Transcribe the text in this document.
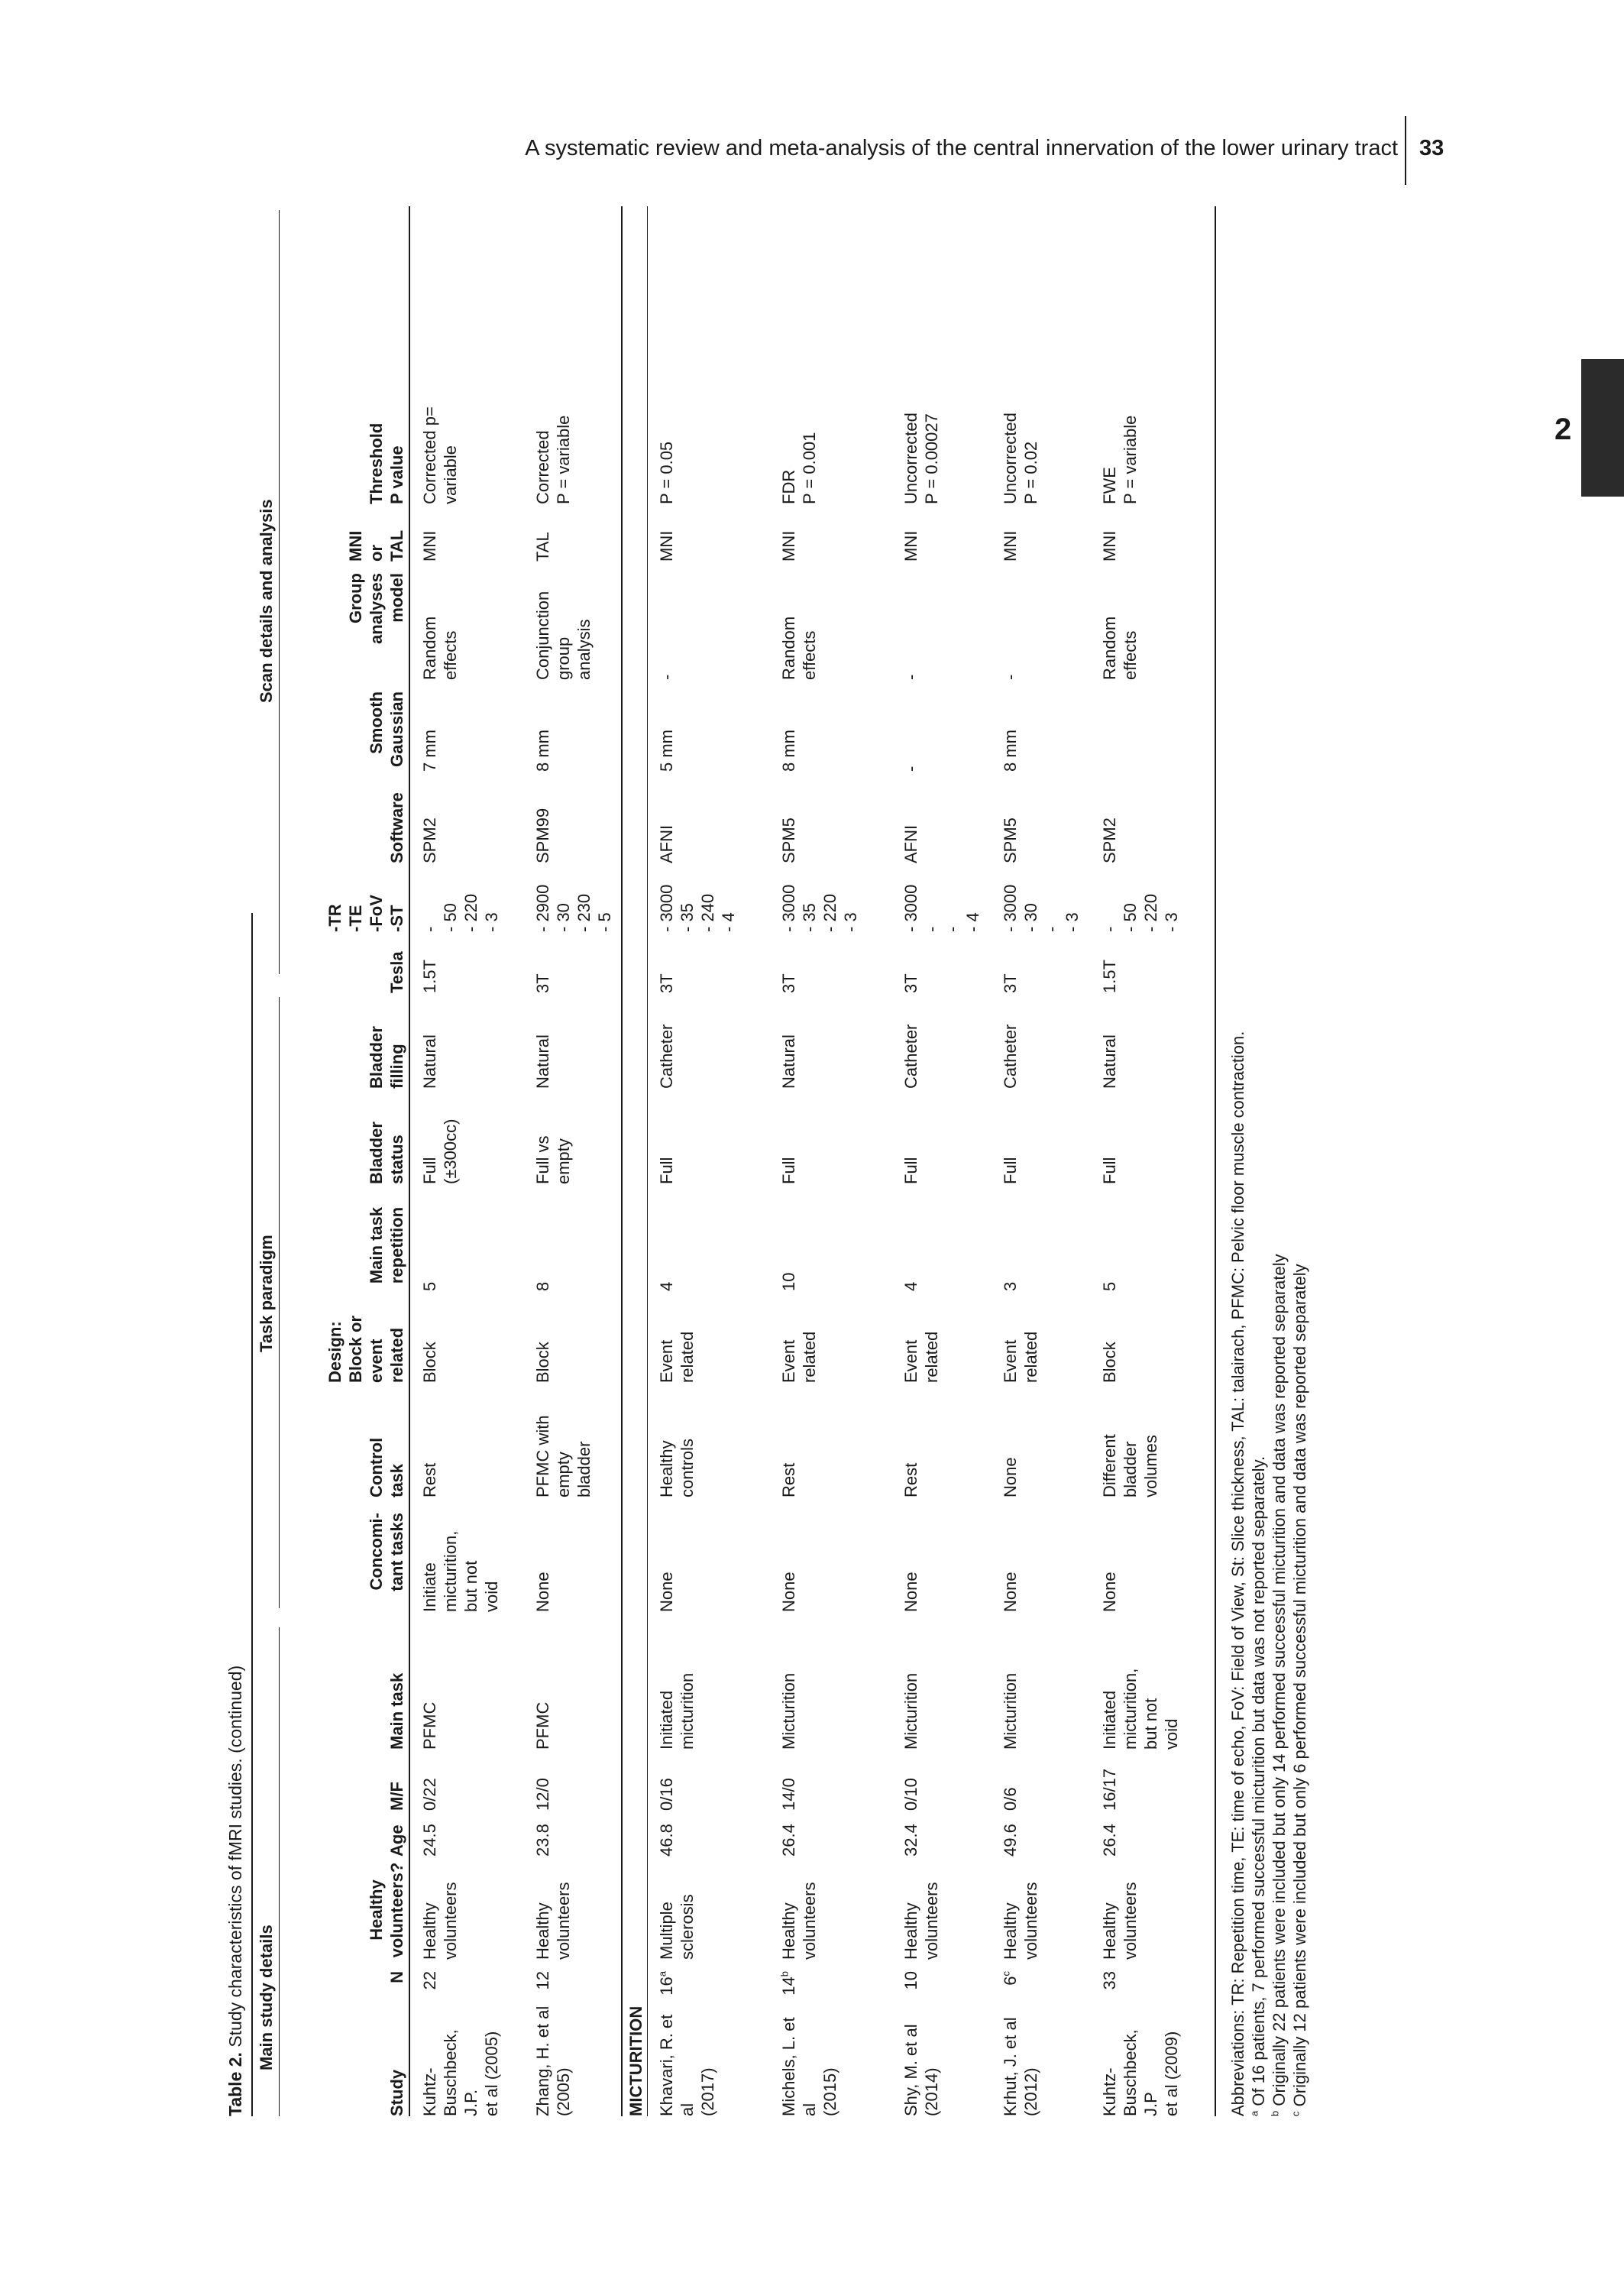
A systematic review and meta-analysis of the central innervation of the lower urinary tract 33
2
Table 2. Study characteristics of fMRI studies. (continued)
Main study details
Task paradigm
Scan details and analysis
Study
N
Healthy
volunteers?
Age
M/F
Main task
Concomi-
tant tasks
Control
task
Design:
Block or
event
related
Main task
repetition
Bladder
status
Bladder
filling
Tesla
-TR
-TE
-FoV
-ST
Software
Smooth
Gaussian
Group
analyses
model
MNI
or
TAL
Threshold
P value
Kuhtz-
Buschbeck, J.P.
et al (2005)
22
Healthy
volunteers
24.5
0/22
PFMC
Initiate
micturition,
but not
void
Rest
Block
5
Full
(±300cc)
Natural
1.5T
-
- 50
- 220
- 3
SPM2
7 mm
Random
effects
MNI
Corrected p=
variable
Zhang, H. et al
(2005)
12
Healthy
volunteers
23.8
12/0
PFMC
None
PFMC with
empty
bladder
Block
8
Full vs
empty
Natural
3T
- 2900
- 30
- 230
- 5
SPM99
8 mm
Conjunction
group
analysis
TAL
Corrected
P = variable
MICTURITION Khavari, R. et al
(2017)
16$^a$
Multiple
sclerosis
46.8
0/16
Initiated
micturition
None
Healthy
controls
Event
related
4
Full
Catheter
3T
- 3000
- 35
- 240
- 4
AFNI
5 mm
-
MNI
P = 0.05
Michels, L. et al
(2015)
14$^b$
Healthy
volunteers
26.4
14/0
Micturition
None
Rest
Event
related
10
Full
Natural
3T
- 3000
- 35
- 220
- 3
SPM5
8 mm
Random
effects
MNI
FDR
P = 0.001
Shy, M. et al
(2014)
10
Healthy
volunteers
32.4
0/10
Micturition
None
Rest
Event
related
4
Full
Catheter
3T
- 3000
-
-
- 4
AFNI
-
-
MNI
Uncorrected
P = 0.00027
Krhut, J. et al
(2012)
6$^c$
Healthy
volunteers
49.6
0/6
Micturition
None
None
Event
related
3
Full
Catheter
3T
- 3000
- 30
-
- 3
SPM5
8 mm
-
MNI
Uncorrected
P = 0.02
Kuhtz-
Buschbeck, J.P
et al (2009)
33
Healthy
volunteers
26.4
16/17
Initiated
micturition,
but not
void
None
Different
bladder
volumes
Block
5
Full
Natural
1.5T
-
- 50
- 220
- 3
SPM2
Random
effects
MNI
FWE
P = variable
Abbreviations: TR: Repetition time, TE: time of echo, FoV: Field of View, St: Slice thickness, TAL: talairach, PFMC: Pelvic floor muscle contraction. $^a$ Of 16 patients, 7 performed successful micturition but data was not reported separately.
$^b$ Originally 22 patients were included but only 14 performed successful micturition and data was reported separately
$^c$ Originally 12 patients were included but only 6 performed successful micturition and data was reported separately
